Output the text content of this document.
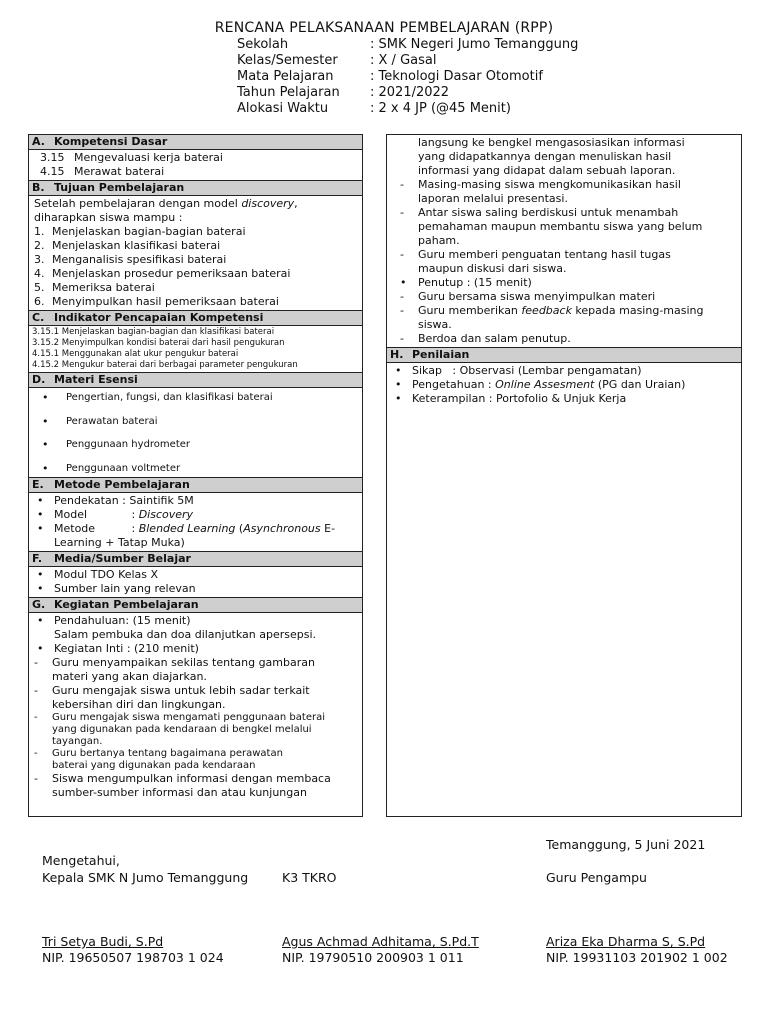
RENCANA PELAKSANAAN PEMBELAJARAN (RPP)
Sekolah	: SMK Negeri Jumo Temanggung
Kelas/Semester	: X / Gasal
Mata Pelajaran	: Teknologi Dasar Otomotif
Tahun Pelajaran	: 2021/2022
Alokasi Waktu	: 2 x 4 JP (@45 Menit)
A. Kompetensi Dasar
3.15 Mengevaluasi kerja baterai
4.15 Merawat baterai
B. Tujuan Pembelajaran
Setelah pembelajaran dengan model discovery,
diharapkan siswa mampu :
1. Menjelaskan bagian-bagian baterai
2. Menjelaskan klasifikasi baterai
3. Menganalisis spesifikasi baterai
4. Menjelaskan prosedur pemeriksaan baterai
5. Memeriksa baterai
6. Menyimpulkan hasil pemeriksaan baterai
C. Indikator Pencapaian Kompetensi
3.15.1 Menjelaskan bagian-bagian dan klasifikasi baterai
3.15.2 Menyimpulkan kondisi baterai dari hasil pengukuran
4.15.1 Menggunakan alat ukur pengukur baterai
4.15.2 Mengukur baterai dari berbagai parameter pengukuran
D. Materi Esensi
•	Pengertian, fungsi, dan klasifikasi baterai
•	Perawatan baterai
•	Penggunaan hydrometer
•	Penggunaan voltmeter
E. Metode Pembelajaran
• Pendekatan : Saintifik 5M
• Model	: Discovery
• Metode	: Blended Learning (Asynchronous E-
Learning + Tatap Muka)
F. Media/Sumber Belajar
• Modul TDO Kelas X
• Sumber lain yang relevan
G. Kegiatan Pembelajaran
• Pendahuluan: (15 menit)
Salam pembuka dan doa dilanjutkan apersepsi.
• Kegiatan Inti : (210 menit)
-	Guru menyampaikan sekilas tentang gambaran
materi yang akan diajarkan.
-	Guru mengajak siswa untuk lebih sadar terkait
kebersihan diri dan lingkungan.
-	Guru mengajak siswa mengamati penggunaan baterai
yang digunakan pada kendaraan di bengkel melalui
tayangan.
-	Guru bertanya tentang bagaimana perawatan
baterai yang digunakan pada kendaraan
-	Siswa mengumpulkan informasi dengan membaca
sumber-sumber informasi dan atau kunjungan
langsung ke bengkel mengasosiasikan informasi
yang didapatkannya dengan menuliskan hasil
informasi yang didapat dalam sebuah laporan.
-	Masing-masing siswa mengkomunikasikan hasil
laporan melalui presentasi.
-	Antar siswa saling berdiskusi untuk menambah
pemahaman maupun membantu siswa yang belum
paham.
-	Guru memberi penguatan tentang hasil tugas
maupun diskusi dari siswa.
•	Penutup : (15 menit)
-	Guru bersama siswa menyimpulkan materi
-	Guru memberikan feedback kepada masing-masing
siswa.
-	Berdoa dan salam penutup.
H. Penilaian
• Sikap   : Observasi (Lembar pengamatan)
• Pengetahuan : Online Assesment (PG dan Uraian)
• Keterampilan : Portofolio & Unjuk Kerja
Temanggung, 5 Juni 2021
Mengetahui,
Kepala SMK N Jumo Temanggung	K3 TKRO	Guru Pengampu
Tri Setya Budi, S.Pd	Agus Achmad Adhitama, S.Pd.T	Ariza Eka Dharma S, S.Pd
NIP. 19650507 198703 1 024	NIP. 19790510 200903 1 011	NIP. 19931103 201902 1 002
